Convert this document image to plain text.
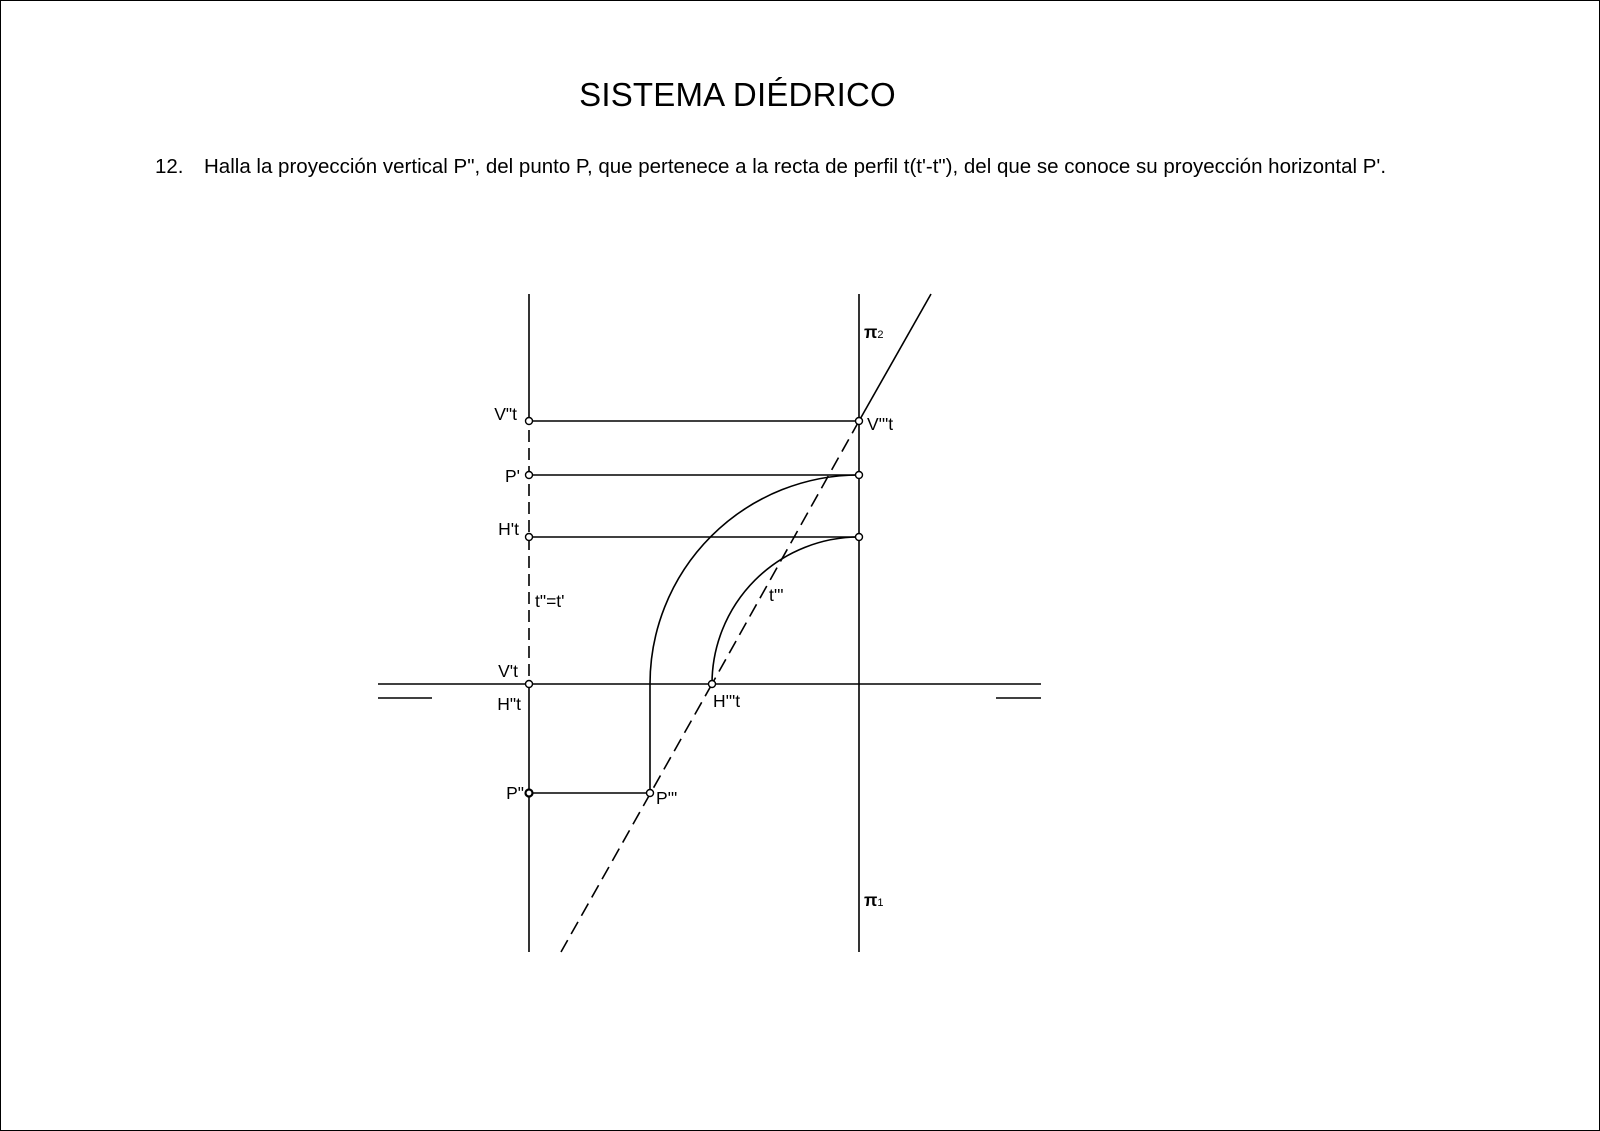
SISTEMA DIÉDRICO
12. Halla la proyección vertical P", del punto P, que pertenece a la recta de perfil t(t'-t"), del que se conoce su proyección horizontal P'.
π2
π1
V"t	V'"t
P'
H't
t"=t'	t'"
V't
H"t	H'"t
P"	P'"
